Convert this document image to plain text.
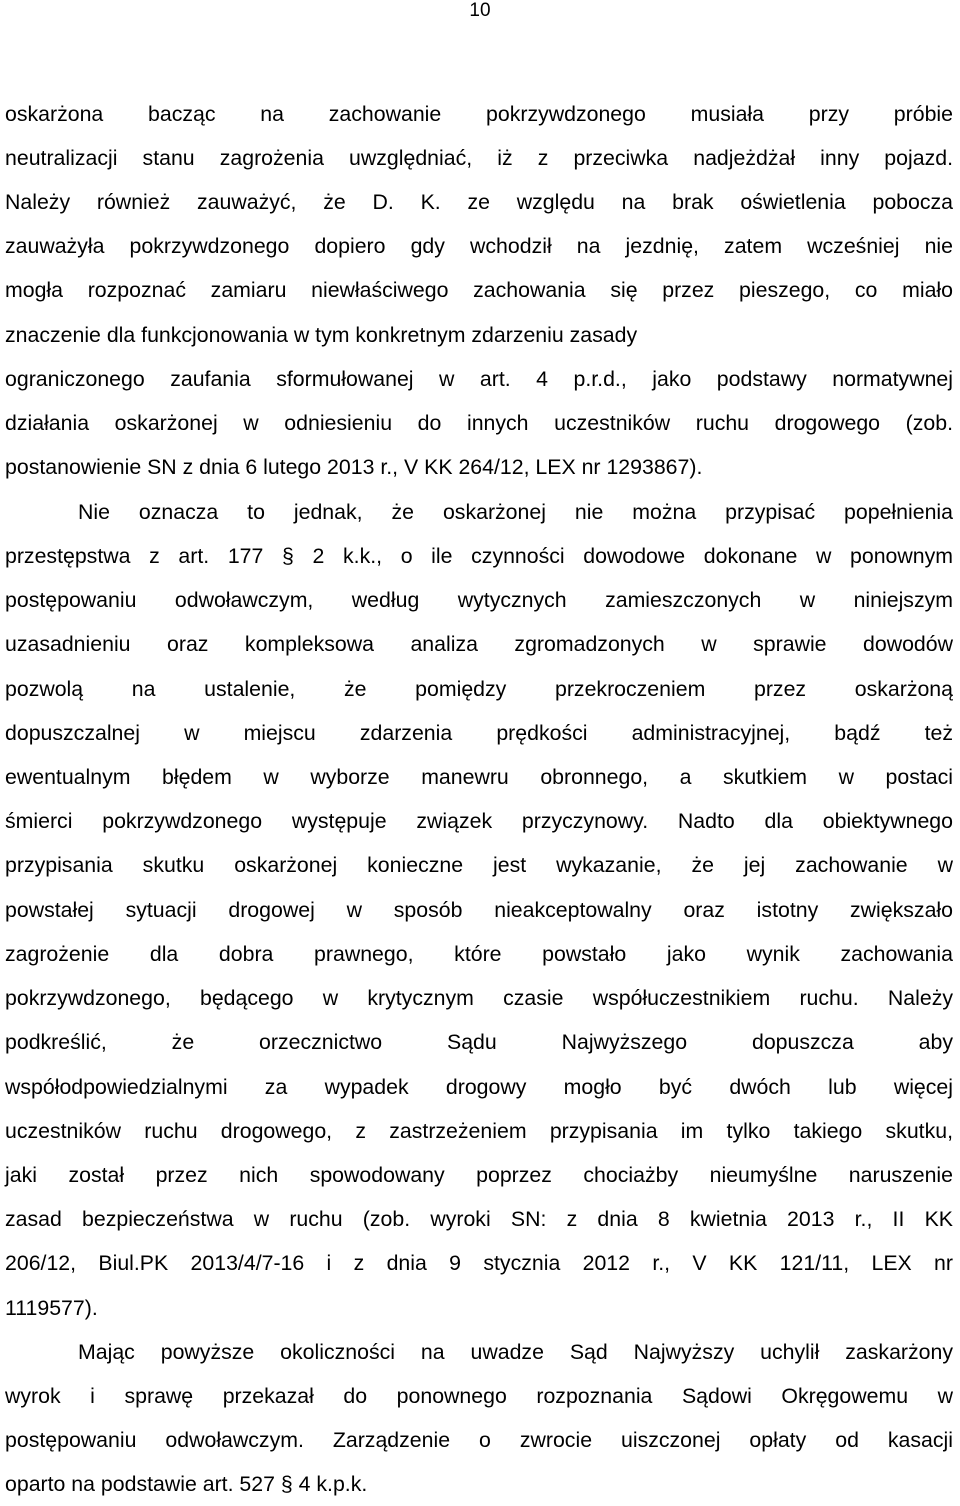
10
oskarżona bacząc na zachowanie pokrzywdzonego musiała przy próbie
neutralizacji stanu zagrożenia uwzględniać, iż z przeciwka nadjeżdżał inny pojazd.
Należy również zauważyć, że D. K. ze względu na brak oświetlenia pobocza
zauważyła pokrzywdzonego dopiero gdy wchodził na jezdnię, zatem wcześniej nie
mogła rozpoznać zamiaru niewłaściwego zachowania się przez pieszego, co miało
znaczenie dla funkcjonowania w tym konkretnym zdarzeniu zasady
ograniczonego zaufania sformułowanej w art. 4 p.r.d., jako podstawy normatywnej
działania oskarżonej w odniesieniu do innych uczestników ruchu drogowego (zob.
postanowienie SN z dnia 6 lutego 2013 r., V KK 264/12, LEX nr 1293867).
Nie oznacza to jednak, że oskarżonej nie można przypisać popełnienia
przestępstwa z art. 177 § 2 k.k., o ile czynności dowodowe dokonane w ponownym
postępowaniu odwoławczym, według wytycznych zamieszczonych w niniejszym
uzasadnieniu oraz kompleksowa analiza zgromadzonych w sprawie dowodów
pozwolą na ustalenie, że pomiędzy przekroczeniem przez oskarżoną
dopuszczalnej w miejscu zdarzenia prędkości administracyjnej, bądź też
ewentualnym błędem w wyborze manewru obronnego, a skutkiem w postaci
śmierci pokrzywdzonego występuje związek przyczynowy. Nadto dla obiektywnego
przypisania skutku oskarżonej konieczne jest wykazanie, że jej zachowanie w
powstałej sytuacji drogowej w sposób nieakceptowalny oraz istotny zwiększało
zagrożenie dla dobra prawnego, które powstało jako wynik zachowania
pokrzywdzonego, będącego w krytycznym czasie współuczestnikiem ruchu. Należy
podkreślić, że orzecznictwo Sądu Najwyższego dopuszcza aby
współodpowiedzialnymi za wypadek drogowy mogło być dwóch lub więcej
uczestników ruchu drogowego, z zastrzeżeniem przypisania im tylko takiego skutku,
jaki został przez nich spowodowany poprzez chociażby nieumyślne naruszenie
zasad bezpieczeństwa w ruchu (zob. wyroki SN: z dnia 8 kwietnia 2013 r., II KK
206/12, Biul.PK 2013/4/7-16 i z dnia 9 stycznia 2012 r., V KK 121/11, LEX nr
1119577).
Mając powyższe okoliczności na uwadze Sąd Najwyższy uchylił zaskarżony
wyrok i sprawę przekazał do ponownego rozpoznania Sądowi Okręgowemu w
postępowaniu odwoławczym. Zarządzenie o zwrocie uiszczonej opłaty od kasacji
oparto na podstawie art. 527 § 4 k.p.k.
